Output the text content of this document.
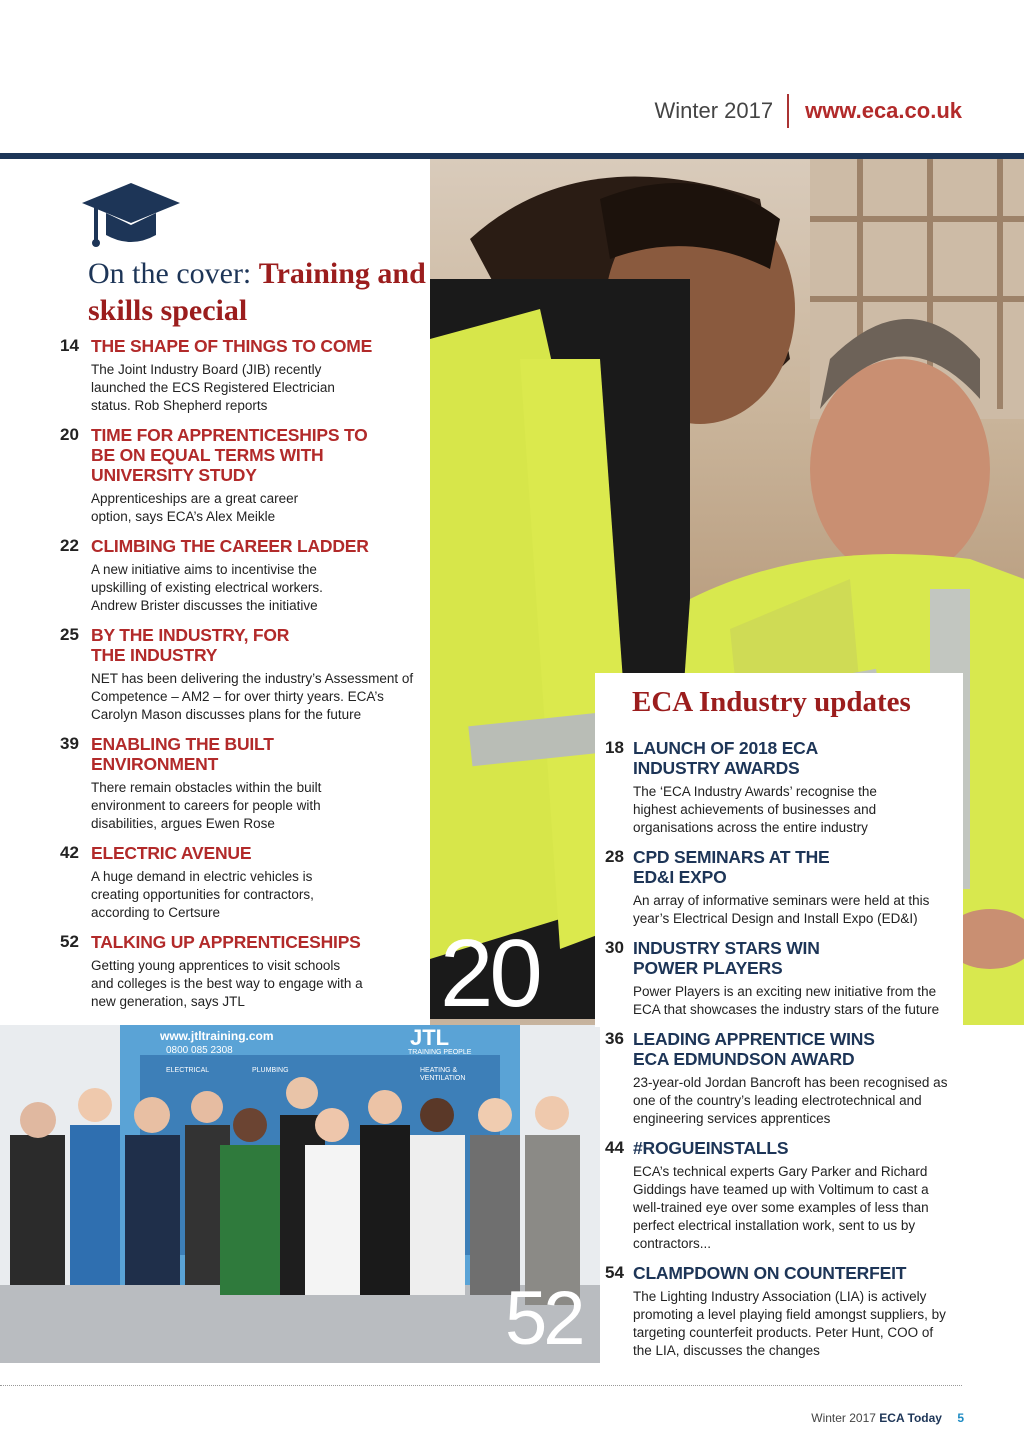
Winter 2017	www.eca.co.uk
20
On the cover: Training and skills special
14 THE SHAPE OF THINGS TO COME
The Joint Industry Board (JIB) recently launched the ECS Registered Electrician status. Rob Shepherd reports
20 TIME FOR APPRENTICESHIPS TO BE ON EQUAL TERMS WITH UNIVERSITY STUDY
Apprenticeships are a great career option, says ECA’s Alex Meikle
22 CLIMBING THE CAREER LADDER
A new initiative aims to incentivise the upskilling of existing electrical workers. Andrew Brister discusses the initiative
25 BY THE INDUSTRY, FOR THE INDUSTRY
NET has been delivering the industry’s Assessment of Competence – AM2 – for over thirty years. ECA’s Carolyn Mason discusses plans for the future
39 ENABLING THE BUILT ENVIRONMENT
There remain obstacles within the built environment to careers for people with disabilities, argues Ewen Rose
42 ELECTRIC AVENUE
A huge demand in electric vehicles is creating opportunities for contractors, according to Certsure
52 TALKING UP APPRENTICESHIPS
Getting young apprentices to visit schools and colleges is the best way to engage with a new generation, says JTL
www.jtltraining.com
0800 085 2308
JTL
TRAINING PEOPLE
ELECTRICAL	PLUMBING	HEATING & VENTILATION
52
ECA Industry updates
18 LAUNCH OF 2018 ECA INDUSTRY AWARDS
The ‘ECA Industry Awards’ recognise the highest achievements of businesses and organisations across the entire industry
28 CPD SEMINARS AT THE ED&I EXPO
An array of informative seminars were held at this year’s Electrical Design and Install Expo (ED&I)
30 INDUSTRY STARS WIN POWER PLAYERS
Power Players is an exciting new initiative from the ECA that showcases the industry stars of the future
36 LEADING APPRENTICE WINS ECA EDMUNDSON AWARD
23-year-old Jordan Bancroft has been recognised as one of the country’s leading electrotechnical and engineering services apprentices
44 #ROGUEINSTALLS
ECA’s technical experts Gary Parker and Richard Giddings have teamed up with Voltimum to cast a well-trained eye over some examples of less than perfect electrical installation work, sent to us by contractors...
54 CLAMPDOWN ON COUNTERFEIT
The Lighting Industry Association (LIA) is actively promoting a level playing field amongst suppliers, by targeting counterfeit products. Peter Hunt, COO of the LIA, discusses the changes
Winter 2017 ECA Today 5
